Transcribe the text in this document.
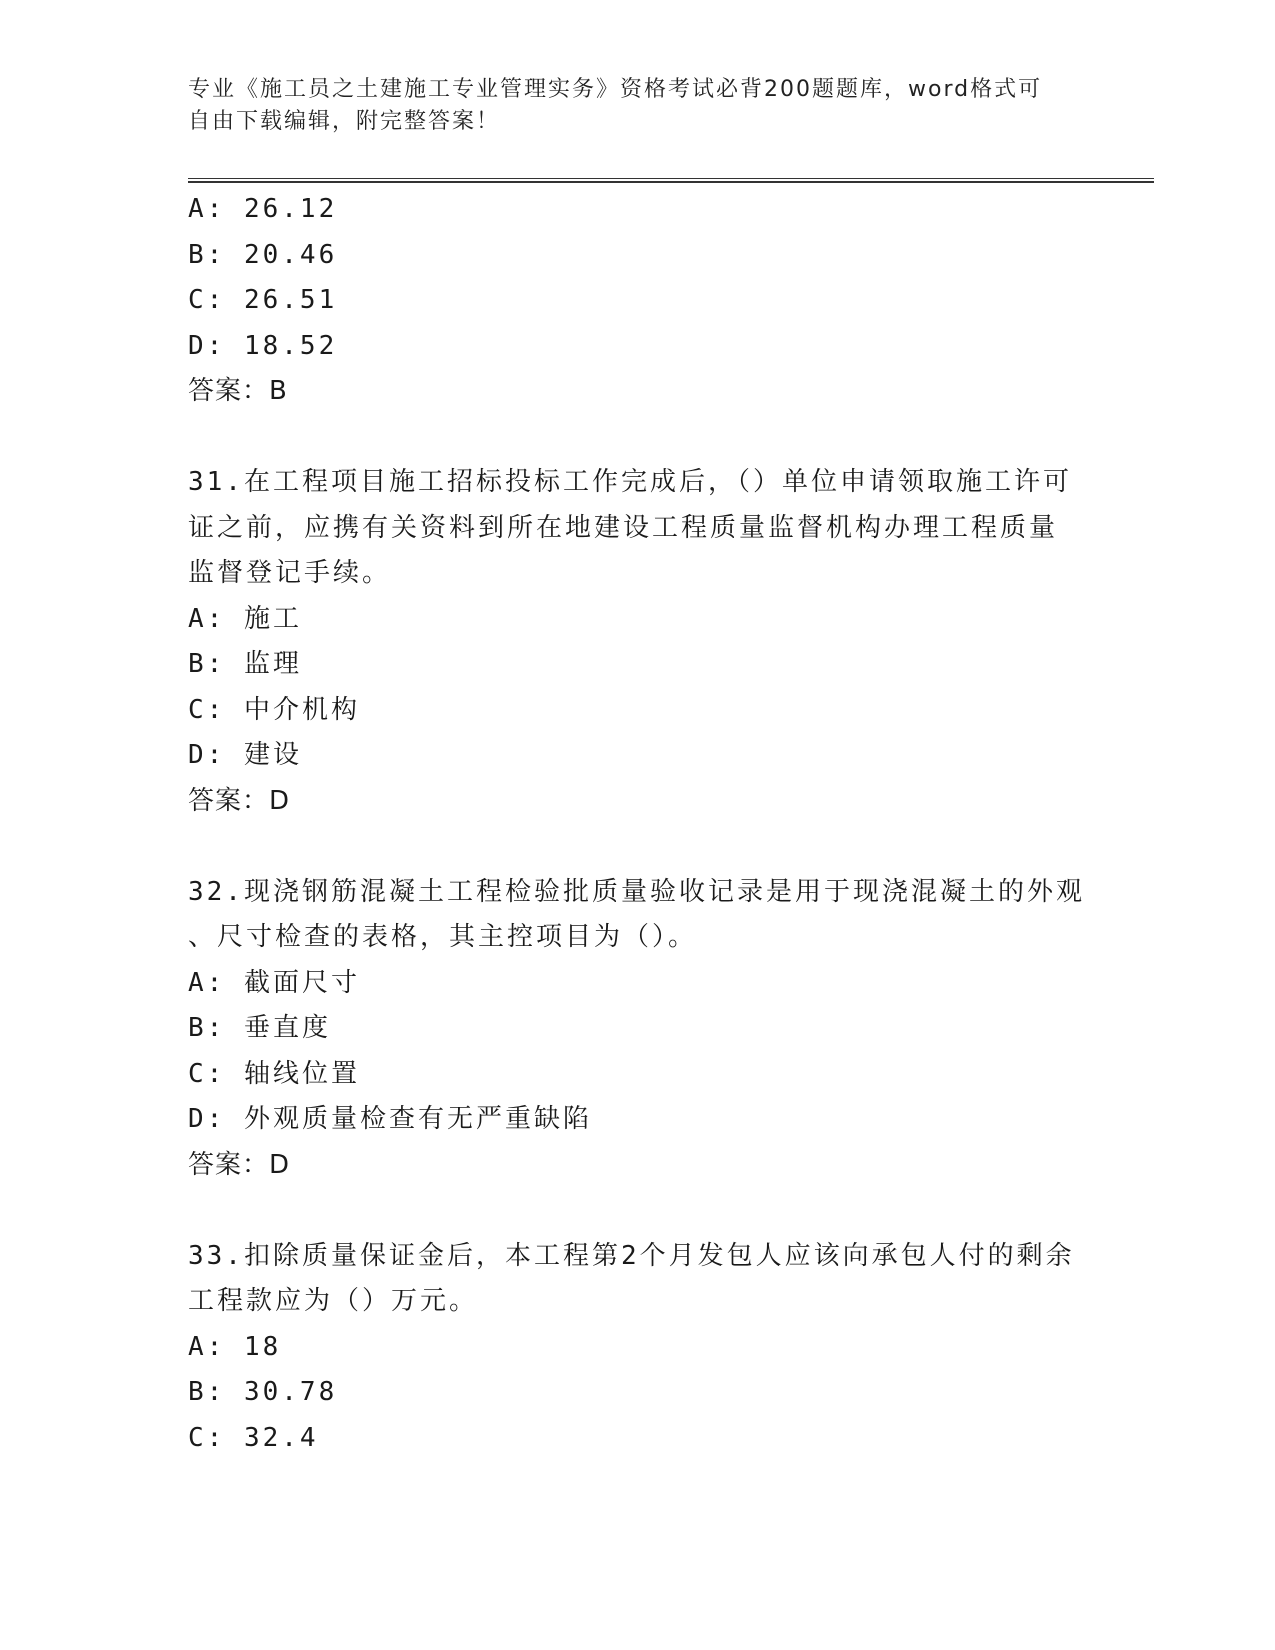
专业《施工员之土建施工专业管理实务》资格考试必背200题题库，word格式可
自由下载编辑，附完整答案！
A: 26.12
B: 20.46
C: 26.51
D: 18.52
答案：B
31.在工程项目施工招标投标工作完成后，（）单位申请领取施工许可
证之前，应携有关资料到所在地建设工程质量监督机构办理工程质量
监督登记手续。
A: 施工
B: 监理
C: 中介机构
D: 建设
答案：D
32.现浇钢筋混凝土工程检验批质量验收记录是用于现浇混凝土的外观
、尺寸检查的表格，其主控项目为（）。
A: 截面尺寸
B: 垂直度
C: 轴线位置
D: 外观质量检查有无严重缺陷
答案：D
33.扣除质量保证金后，本工程第2个月发包人应该向承包人付的剩余
工程款应为（）万元。
A: 18
B: 30.78
C: 32.4
